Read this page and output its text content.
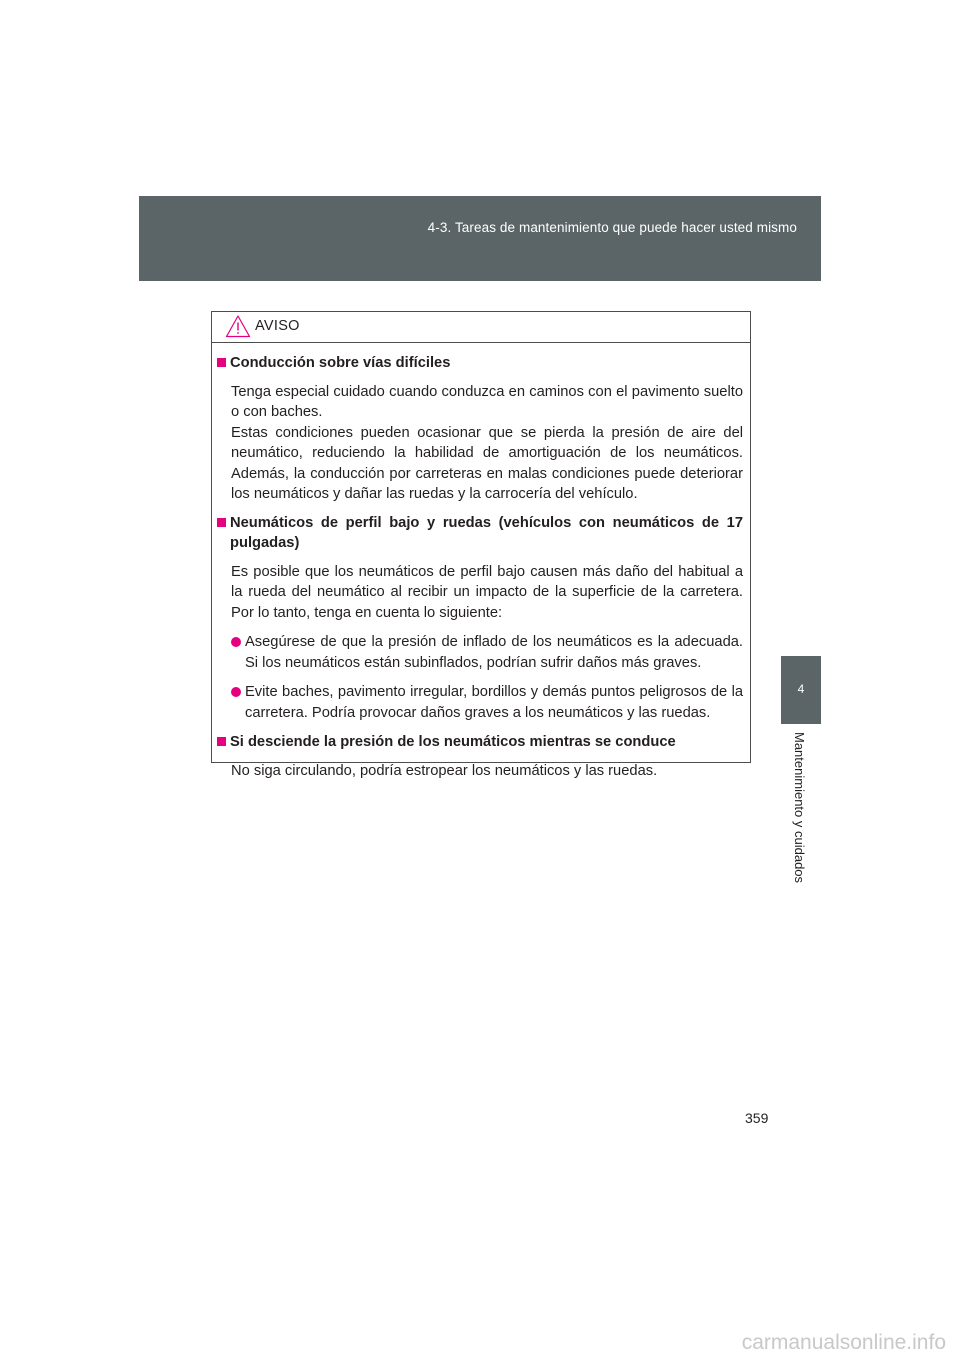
4-3. Tareas de mantenimiento que puede hacer usted mismo
4
Mantenimiento y cuidados
AVISO
Conducción sobre vías difíciles
Tenga especial cuidado cuando conduzca en caminos con el pavimento suelto o con baches.
Estas condiciones pueden ocasionar que se pierda la presión de aire del neumático, reduciendo la habilidad de amortiguación de los neumáticos. Además, la conducción por carreteras en malas condiciones puede deteriorar los neumáticos y dañar las ruedas y la carrocería del vehículo.
Neumáticos de perfil bajo y ruedas (vehículos con neumáticos de 17 pulgadas)
Es posible que los neumáticos de perfil bajo causen más daño del habitual a la rueda del neumático al recibir un impacto de la superficie de la carretera. Por lo tanto, tenga en cuenta lo siguiente:
Asegúrese de que la presión de inflado de los neumáticos es la adecuada. Si los neumáticos están subinflados, podrían sufrir daños más graves.
Evite baches, pavimento irregular, bordillos y demás puntos peligrosos de la carretera. Podría provocar daños graves a los neumáticos y las ruedas.
Si desciende la presión de los neumáticos mientras se conduce
No siga circulando, podría estropear los neumáticos y las ruedas.
359
carmanualsonline.info
